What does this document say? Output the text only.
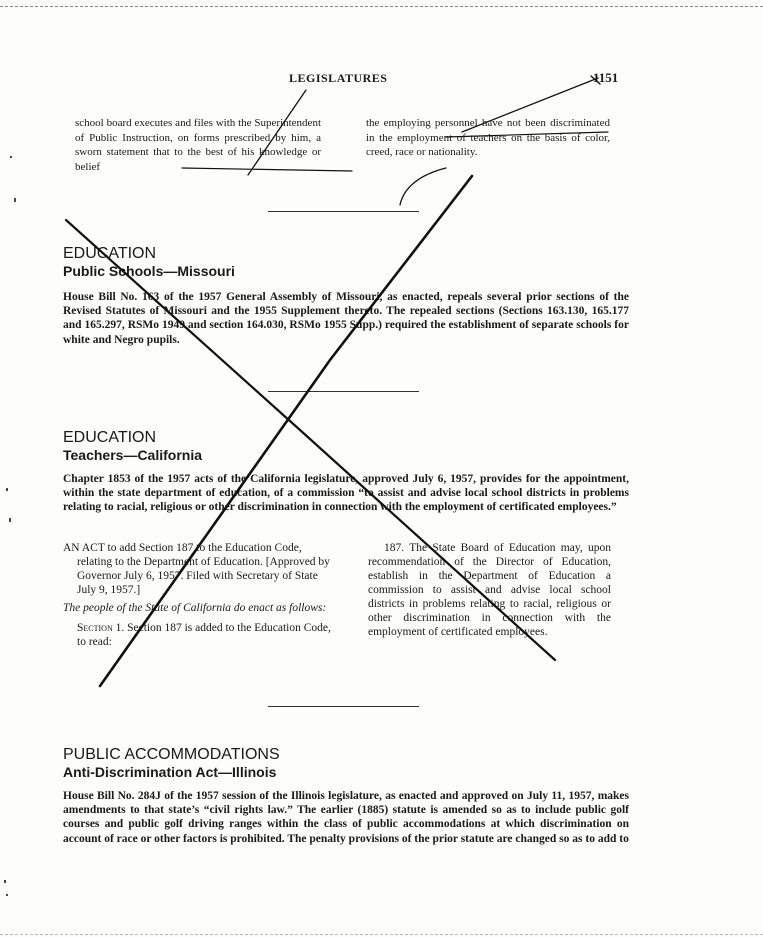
LEGISLATURES	1151
school board executes and files with the Superintendent of Public Instruction, on forms prescribed by him, a sworn statement that to the best of his knowledge or belief
the employing personnel have not been discriminated in the employment of teachers on the basis of color, creed, race or nationality.
EDUCATION
Public Schools—Missouri
House Bill No. 163 of the 1957 General Assembly of Missouri, as enacted, repeals several prior sections of the Revised Statutes of Missouri and the 1955 Supplement thereto. The repealed sections (Sections 163.130, 165.177 and 165.297, RSMo 1949 and section 164.030, RSMo 1955 Supp.) required the establishment of separate schools for white and Negro pupils.
EDUCATION
Teachers—California
Chapter 1853 of the 1957 acts of the California legislature, approved July 6, 1957, provides for the appointment, within the state department of education, of a commission “to assist and advise local school districts in problems relating to racial, religious or other discrimination in connection with the employment of certificated employees.”

AN ACT to add Section 187 to the Education Code, relating to the Department of Education. [Approved by Governor July 6, 1957. Filed with Secretary of State July 9, 1957.]

The people of the State of California do enact as follows:

Section 1. Section 187 is added to the Education Code, to read:

187. The State Board of Education may, upon recommendation of the Director of Education, establish in the Department of Education a commission to assist and advise local school districts in problems relating to racial, religious or other discrimination in connection with the employment of certificated employees.
PUBLIC ACCOMMODATIONS
Anti-Discrimination Act—Illinois
House Bill No. 284J of the 1957 session of the Illinois legislature, as enacted and approved on July 11, 1957, makes amendments to that state’s “civil rights law.” The earlier (1885) statute is amended so as to include public golf courses and public golf driving ranges within the class of public accommodations at which discrimination on account of race or other factors is prohibited. The penalty provisions of the prior statute are changed so as to add to
